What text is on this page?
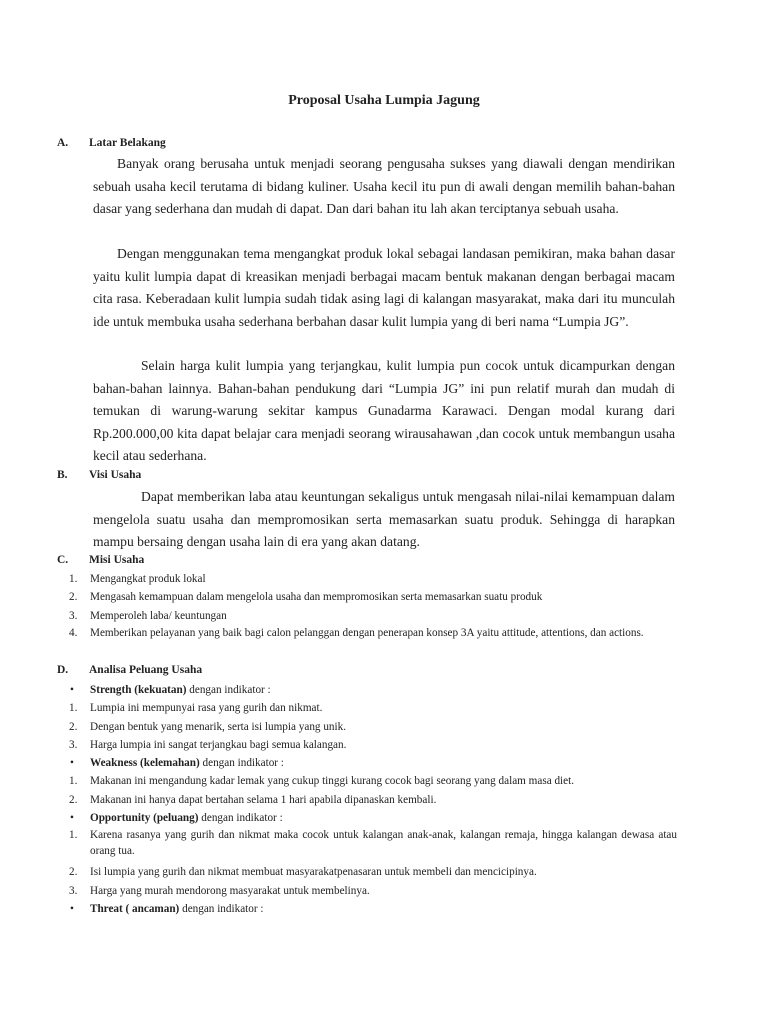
Proposal Usaha Lumpia Jagung
A. Latar Belakang

Banyak orang berusaha untuk menjadi seorang pengusaha sukses yang diawali dengan mendirikan sebuah usaha kecil terutama di bidang kuliner. Usaha kecil itu pun di awali dengan memilih bahan-bahan dasar yang sederhana dan mudah di dapat. Dan dari bahan itu lah akan terciptanya sebuah usaha.

Dengan menggunakan tema mengangkat produk lokal sebagai landasan pemikiran, maka bahan dasar yaitu kulit lumpia dapat di kreasikan menjadi berbagai macam bentuk makanan dengan berbagai macam cita rasa. Keberadaan kulit lumpia sudah tidak asing lagi di kalangan masyarakat, maka dari itu munculah ide untuk membuka usaha sederhana berbahan dasar kulit lumpia yang di beri nama “Lumpia JG”.

Selain harga kulit lumpia yang terjangkau, kulit lumpia pun cocok untuk dicampurkan dengan bahan-bahan lainnya. Bahan-bahan pendukung dari “Lumpia JG” ini pun relatif murah dan mudah di temukan di warung-warung sekitar kampus Gunadarma Karawaci. Dengan modal kurang dari Rp.200.000,00 kita dapat belajar cara menjadi seorang wirausahawan ,dan cocok untuk membangun usaha kecil atau sederhana.

B. Visi Usaha

Dapat memberikan laba atau keuntungan sekaligus untuk mengasah nilai-nilai kemampuan dalam mengelola suatu usaha dan mempromosikan serta memasarkan suatu produk. Sehingga di harapkan mampu bersaing dengan usaha lain di era yang akan datang.

C. Misi Usaha
1. Mengangkat produk lokal
2. Mengasah kemampuan dalam mengelola usaha dan mempromosikan serta memasarkan suatu produk
3. Memperoleh laba/ keuntungan
4. Memberikan pelayanan yang baik bagi calon pelanggan dengan penerapan konsep 3A yaitu attitude, attentions, dan actions.
D. Analisa Peluang Usaha
• Strength (kekuatan) dengan indikator :
1. Lumpia ini mempunyai rasa yang gurih dan nikmat.
2. Dengan bentuk yang menarik, serta isi lumpia yang unik.
3. Harga lumpia ini sangat terjangkau bagi semua kalangan.
• Weakness (kelemahan) dengan indikator :
1. Makanan ini mengandung kadar lemak yang cukup tinggi kurang cocok bagi seorang yang dalam masa diet.
2. Makanan ini hanya dapat bertahan selama 1 hari apabila dipanaskan kembali.
• Opportunity (peluang) dengan indikator :
1. Karena rasanya yang gurih dan nikmat maka cocok untuk kalangan anak-anak, kalangan remaja, hingga kalangan dewasa atau orang tua.
2. Isi lumpia yang gurih dan nikmat membuat masyarakatpenasaran untuk membeli dan mencicipinya.
3. Harga yang murah mendorong masyarakat untuk membelinya.
• Threat ( ancaman) dengan indikator :
